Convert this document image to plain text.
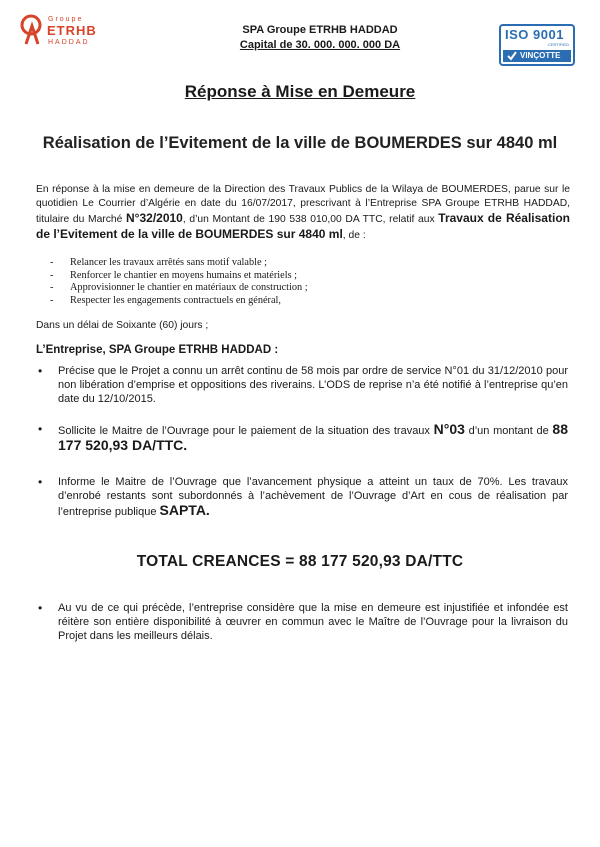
Groupe
ETRHB
HADDAD
SPA Groupe ETRHB HADDAD
Capital de 30. 000. 000. 000 DA
ISO 9001
CERTIFIED
VINÇOTTE
Réponse à Mise en Demeure
Réalisation de l’Evitement de la ville de BOUMERDES sur 4840 ml
En réponse à la mise en demeure de la Direction des Travaux Publics de la Wilaya de BOUMERDES, parue sur le quotidien Le Courrier d’Algérie en date du 16/07/2017, prescrivant à l’Entreprise SPA Groupe ETRHB HADDAD, titulaire du Marché N°32/2010, d’un Montant de 190 538 010,00 DA TTC, relatif aux Travaux de Réalisation de l’Evitement de la ville de BOUMERDES sur 4840 ml, de :
- Relancer les travaux arrêtés sans motif valable ;
- Renforcer le chantier en moyens humains et matériels ;
- Approvisionner le chantier en matériaux de construction ;
- Respecter les engagements contractuels en général,
Dans un délai de Soixante (60) jours ;
L’Entreprise, SPA Groupe ETRHB HADDAD :
•	Précise que le Projet a connu un arrêt continu de 58 mois par ordre de service N°01 du 31/12/2010 pour non libération d’emprise et oppositions des riverains. L’ODS de reprise n’a été notifié à l’entreprise qu’en date du 12/10/2015.
•	Sollicite le Maitre de l’Ouvrage pour le paiement de la situation des travaux N°03 d’un montant de 88 177 520,93 DA/TTC.
•	Informe le Maitre de l’Ouvrage que l’avancement physique a atteint un taux de 70%. Les travaux d’enrobé restants sont subordonnés à l’achèvement de l’Ouvrage d’Art en cous de réalisation par l’entreprise publique SAPTA.
TOTAL CREANCES = 88 177 520,93 DA/TTC
•	Au vu de ce qui précède, l’entreprise considère que la mise en demeure est injustifiée et infondée est réitère son entière disponibilité à œuvrer en commun avec le Maître de l’Ouvrage pour la livraison du Projet dans les meilleurs délais.
